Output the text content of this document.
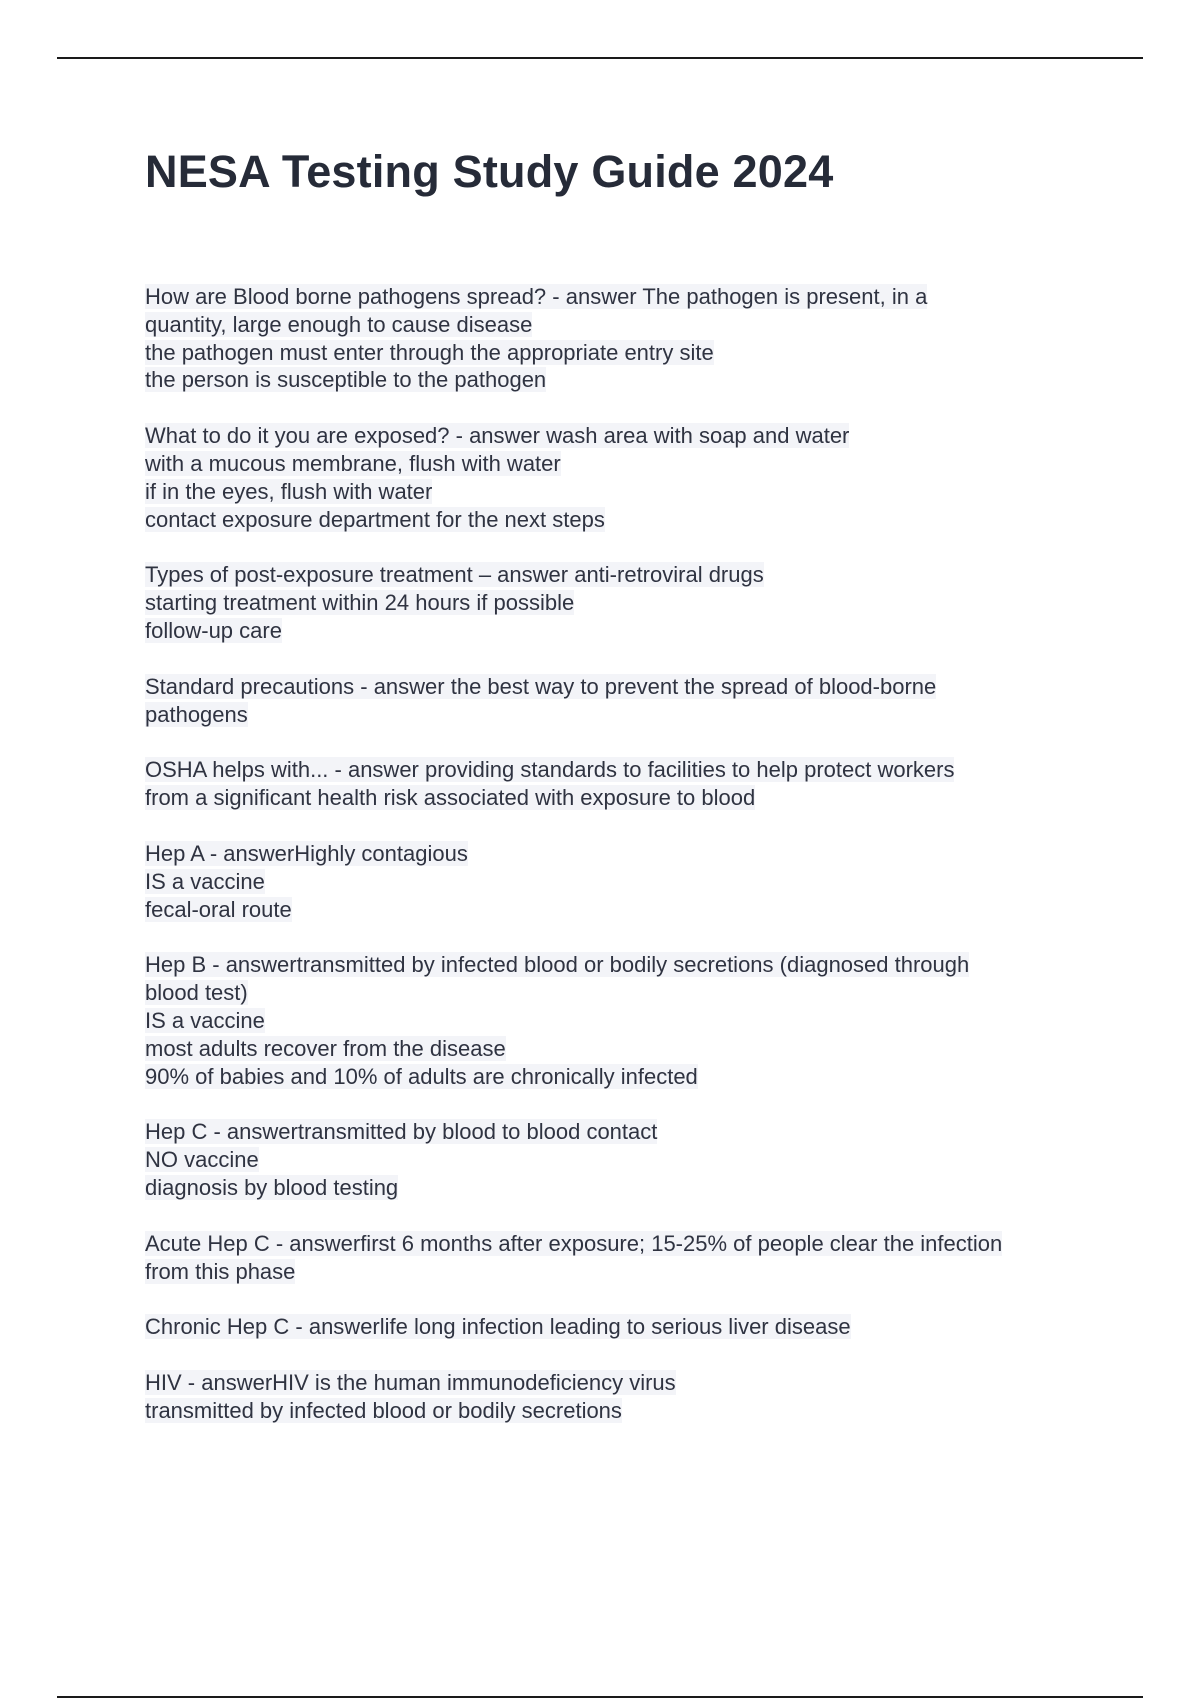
NESA Testing Study Guide 2024
How are Blood borne pathogens spread? - answer The pathogen is present, in a
quantity, large enough to cause disease
the pathogen must enter through the appropriate entry site
the person is susceptible to the pathogen
What to do it you are exposed? - answer wash area with soap and water
with a mucous membrane, flush with water
if in the eyes, flush with water
contact exposure department for the next steps
Types of post-exposure treatment – answer anti-retroviral drugs
starting treatment within 24 hours if possible
follow-up care
Standard precautions - answer the best way to prevent the spread of blood-borne
pathogens
OSHA helps with... - answer providing standards to facilities to help protect workers
from a significant health risk associated with exposure to blood
Hep A - answerHighly contagious
IS a vaccine
fecal-oral route
Hep B - answertransmitted by infected blood or bodily secretions (diagnosed through
blood test)
IS a vaccine
most adults recover from the disease
90% of babies and 10% of adults are chronically infected
Hep C - answertransmitted by blood to blood contact
NO vaccine
diagnosis by blood testing
Acute Hep C - answerfirst 6 months after exposure; 15-25% of people clear the infection
from this phase
Chronic Hep C - answerlife long infection leading to serious liver disease
HIV - answerHIV is the human immunodeficiency virus
transmitted by infected blood or bodily secretions
